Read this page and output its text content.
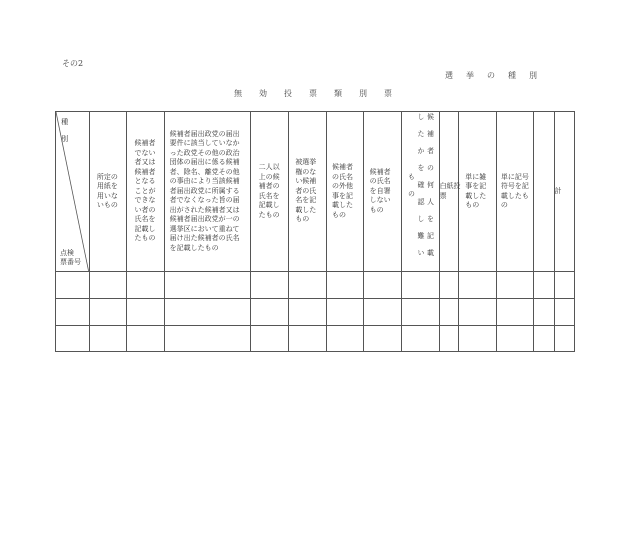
その2
選挙の種別
無効投票類別票
種 別
点検
票番号	所定の用紙を用いないもの	候補者でない者又は候補者となることができない者の氏名を記載したもの	候補者届出政党の届出要件に該当していなかった政党その他の政治団体の届出に係る候補者、除名、離党その他の事由により当該候補者届出政党に所属する者でなくなった旨の届出がされた候補者又は候補者届出政党が一の選挙区において重ねて届け出た候補者の氏名を記載したもの	二人以上の候補者の氏名を記載したもの	被選挙権のない候補者の氏名を記載したもの	候補者の氏名の外他事を記載したもの	候補者の氏名を自署しないもの	候補者の何人を記載したかを確認し難いもの	白紙投票	単に雑事を記載したもの	単に記号符号を記載したもの		計
